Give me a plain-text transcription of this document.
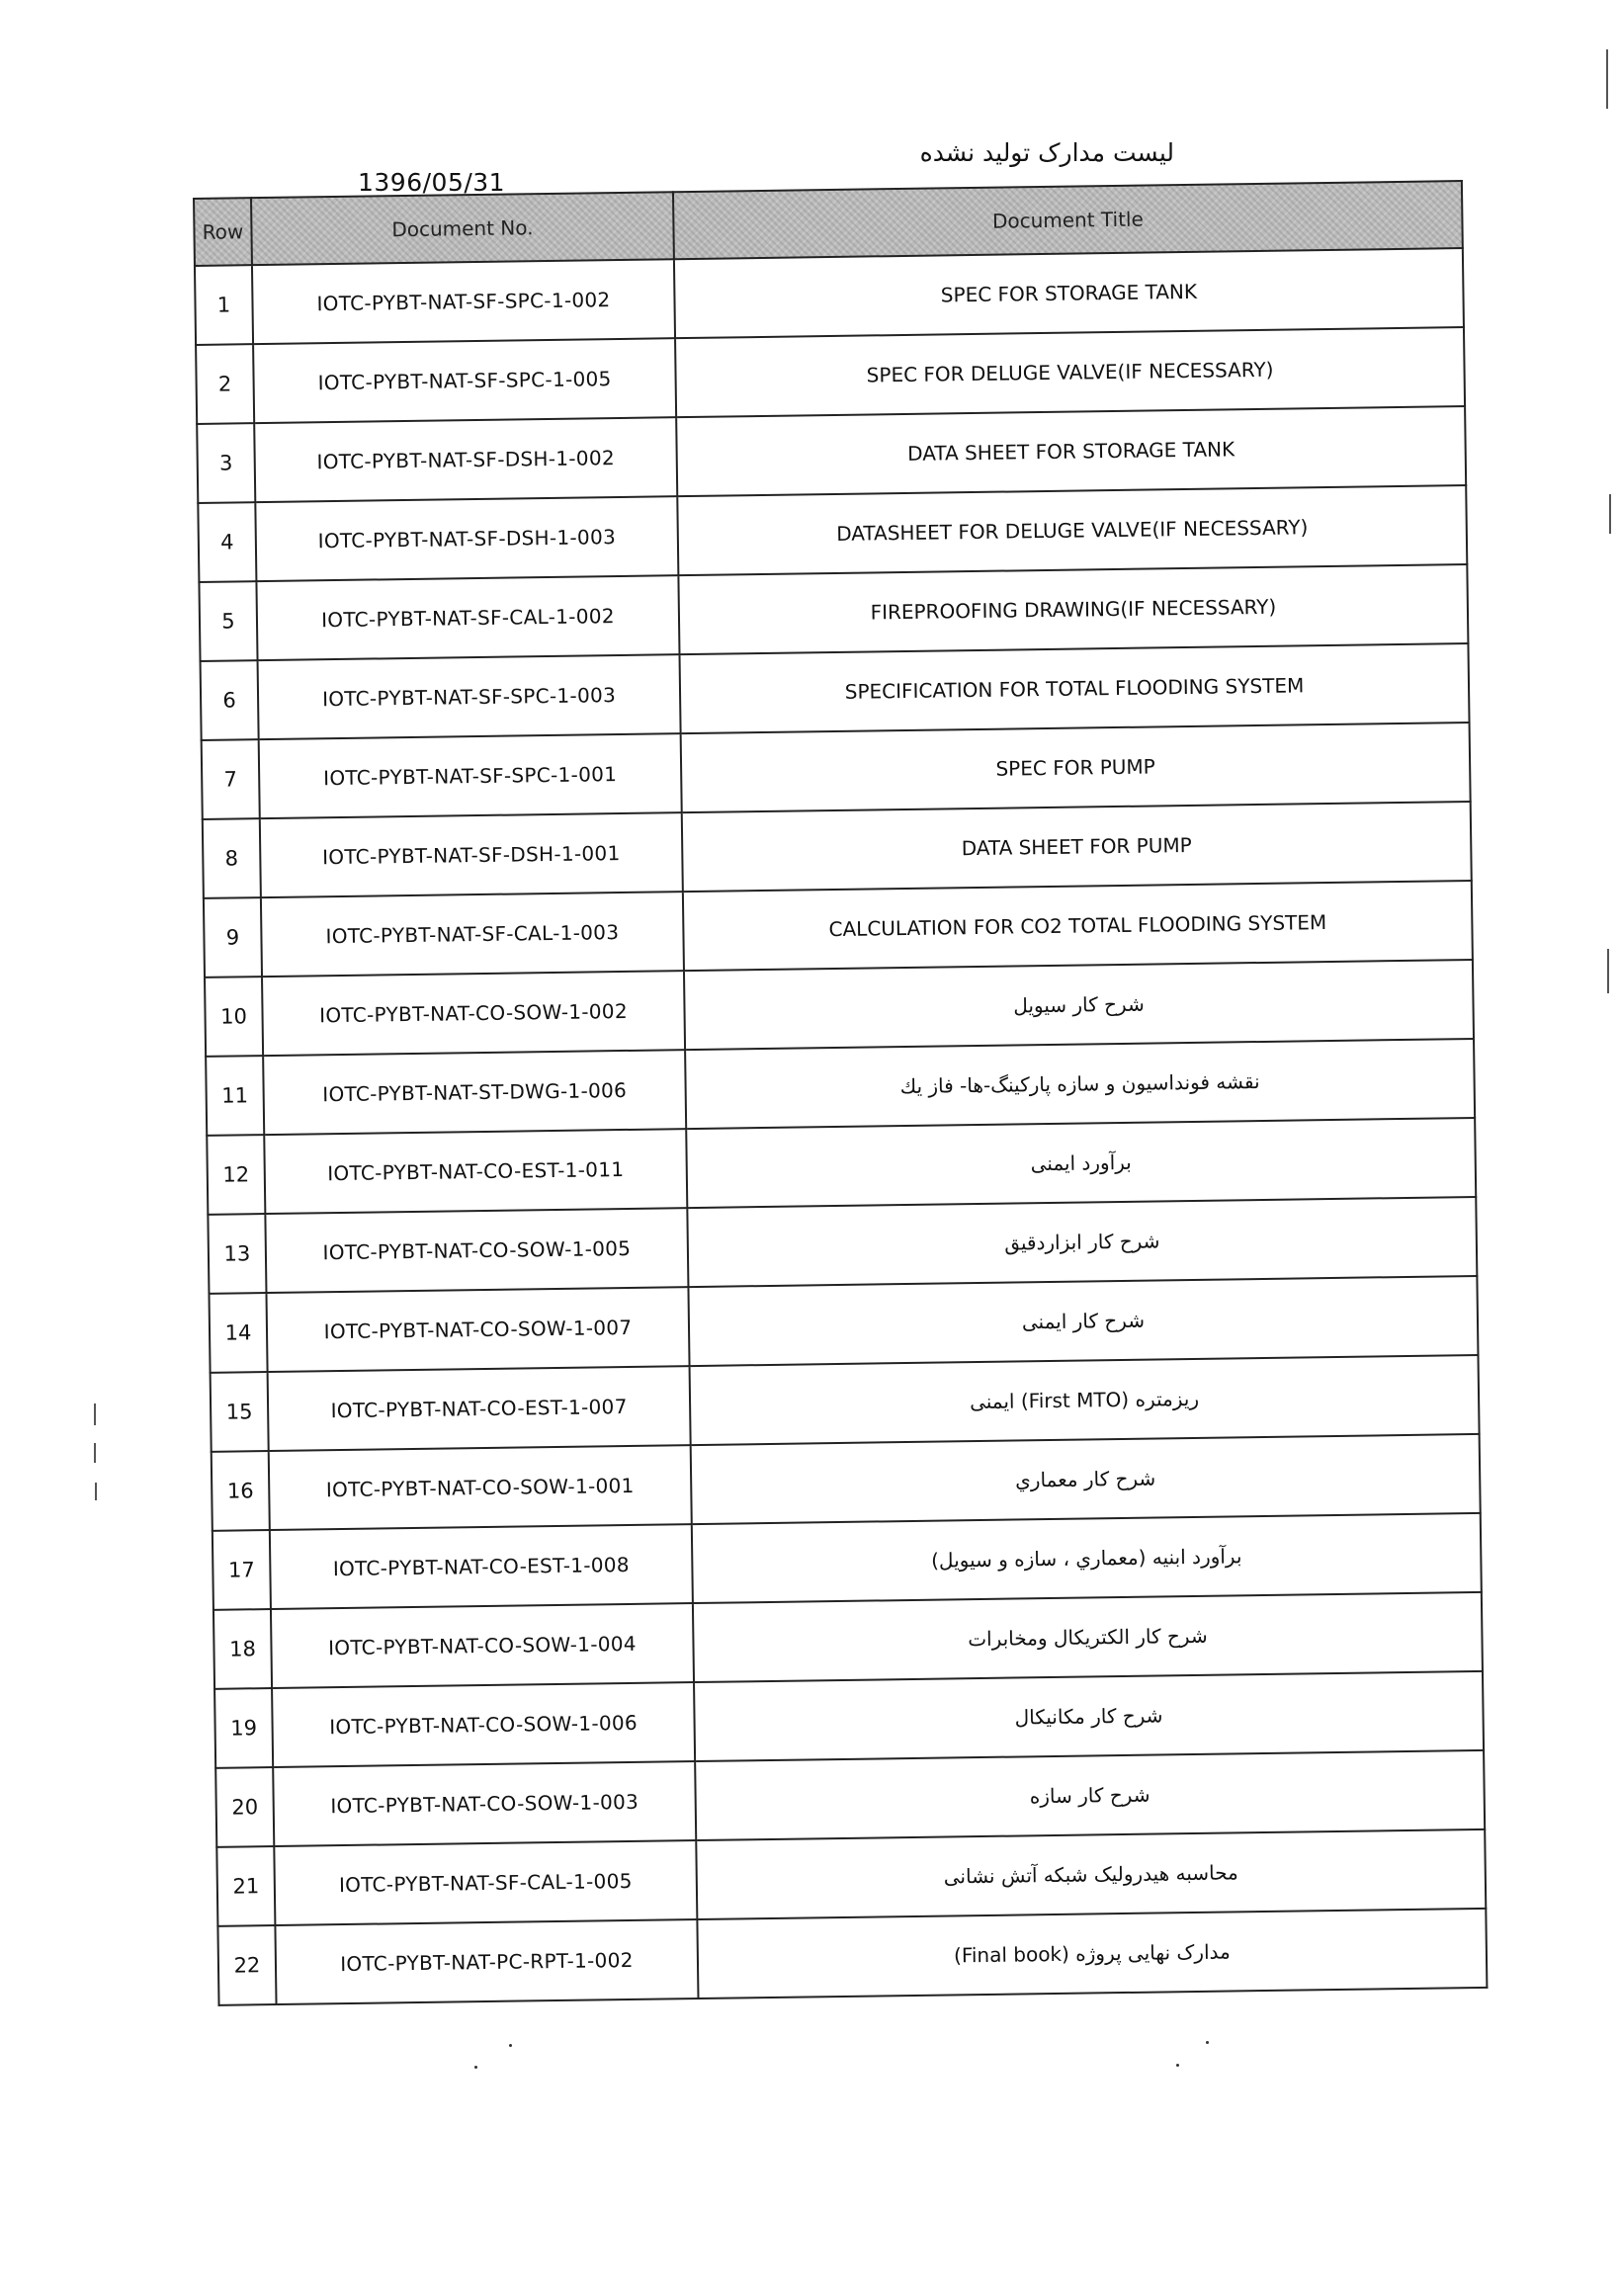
1396/05/31
لیست مدارک تولید نشده
Row	Document No.	Document Title
1	IOTC-PYBT-NAT-SF-SPC-1-002	SPEC FOR STORAGE TANK
2	IOTC-PYBT-NAT-SF-SPC-1-005	SPEC FOR DELUGE VALVE(IF NECESSARY)
3	IOTC-PYBT-NAT-SF-DSH-1-002	DATA SHEET FOR STORAGE TANK
4	IOTC-PYBT-NAT-SF-DSH-1-003	DATASHEET FOR DELUGE VALVE(IF NECESSARY)
5	IOTC-PYBT-NAT-SF-CAL-1-002	FIREPROOFING DRAWING(IF NECESSARY)
6	IOTC-PYBT-NAT-SF-SPC-1-003	SPECIFICATION FOR TOTAL FLOODING SYSTEM
7	IOTC-PYBT-NAT-SF-SPC-1-001	SPEC FOR PUMP
8	IOTC-PYBT-NAT-SF-DSH-1-001	DATA SHEET FOR PUMP
9	IOTC-PYBT-NAT-SF-CAL-1-003	CALCULATION FOR CO2 TOTAL FLOODING SYSTEM
10	IOTC-PYBT-NAT-CO-SOW-1-002	شرح کار سیویل
11	IOTC-PYBT-NAT-ST-DWG-1-006	نقشه فونداسیون و سازه پارکینگ-ها- فاز یك
12	IOTC-PYBT-NAT-CO-EST-1-011	برآورد ایمنی
13	IOTC-PYBT-NAT-CO-SOW-1-005	شرح کار ابزاردقیق
14	IOTC-PYBT-NAT-CO-SOW-1-007	شرح کار ایمنی
15	IOTC-PYBT-NAT-CO-EST-1-007	ریزمتره (First MTO) ایمنی
16	IOTC-PYBT-NAT-CO-SOW-1-001	شرح کار معماري
17	IOTC-PYBT-NAT-CO-EST-1-008	برآورد ابنیه (معماري ، سازه و سیویل)
18	IOTC-PYBT-NAT-CO-SOW-1-004	شرح کار الکتریکال ومخابرات
19	IOTC-PYBT-NAT-CO-SOW-1-006	شرح کار مکانیکال
20	IOTC-PYBT-NAT-CO-SOW-1-003	شرح کار سازه
21	IOTC-PYBT-NAT-SF-CAL-1-005	محاسبه هیدرولیک شبکه آتش نشانی
22	IOTC-PYBT-NAT-PC-RPT-1-002	مدارک نهایی پروژه (Final book)
